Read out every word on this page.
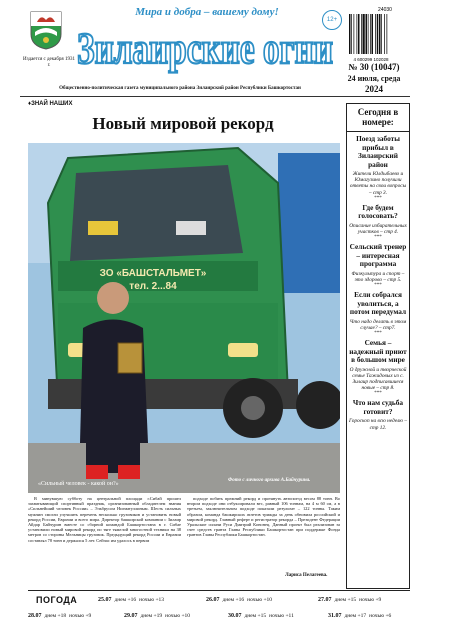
Издается с декабря 1931 г.
Мира и добра – вашему дому!
Зилаирские огни
12+
24030
4 600299 102028
№ 30 (10047)
24 июля, среда
2024
Общественно-политическая газета муниципального района Зилаирский район Республики Башкортостан
♦ЗНАЙ НАШИХ
Новый мировой рекорд
ЗО «БАШСТАЛЬМЕТ»
тел. 2...84
«Сильный человек - какой он?»
Фото с личного архива А.Байчурина.

В минувшую субботу на центральной площади г.Сибай прошел захватывающий спортивный праздник, организованный обладателем звания «Сильнейший человек России» – Эльбрусом Нигматуллиным. Шесть сильных мужчин смогли улучшить перечень несколько грузовиков и установить новый рекорд России, Евразии и всего мира. Директор башкирской компании с Зилаир Айдар Байчурин вместе со сборной командой Башкортостана в г. Сибае установили новый мировой рекорд по тяге тяжелой многостной техники на 38 метров со стороны Мельницы грузовик. Предыдущий рекорд России и Евразии составлял 78 тонн и держался 5 лет. Сейчас им удалось в первом

подходе побить прежний рекорд и протянуть автопоезд весом 88 тонн. Во втором подходе они отбуксировали вес, равный 106 тоннам, на 4 м 60 см, а в третьем, заключительном подходе показали результат – 122 тонны. Таким образом, команда башкирских атлетов трижды за день обновила российский и мировой рекорд. Главный реферт и регистратор рекорда – Президент Федерации Уральские силачи Руси Дмитрий Кононец. Данный проект был реализован за счет средств гранта Главы Республики Башкортостан при поддержке Фонда грантов Главы Республики Башкортостан.

Лариса Пелагеева.
Сегодня в номере:
Поезд заботы прибыл в Зилаирский район
Жители Юлдыбаево и Юмагузино получили ответы на свои вопросы – стр 3.
***
Где будем голосовать?
Описание избирательных участков – стр 4.
***
Сельский тренер – интересная программа
Физкультура и спорт – это здорово – стр 5.
***
Если собрался уволиться, а потом передумал
Что надо делать в этом случае? – стр7.
***
Семья – надежный приют в большом мире
О дружной и творческой семье Тажидовых из с. Зилаир подписавшиеся новые – стр 8.
***
Что нам судьба готовит?
Гороскоп на всю неделю – стр 12.
ПОГОДА	25.07 днем +16 ночью +13	26.07 днем +16 ночью +10	27.07 днем +15 ночью +9
28.07 днем +18 ночью +9	29.07 днем +19 ночью +10	30.07 днем +15 ночью +11	31.07 днем +17 ночью +6
